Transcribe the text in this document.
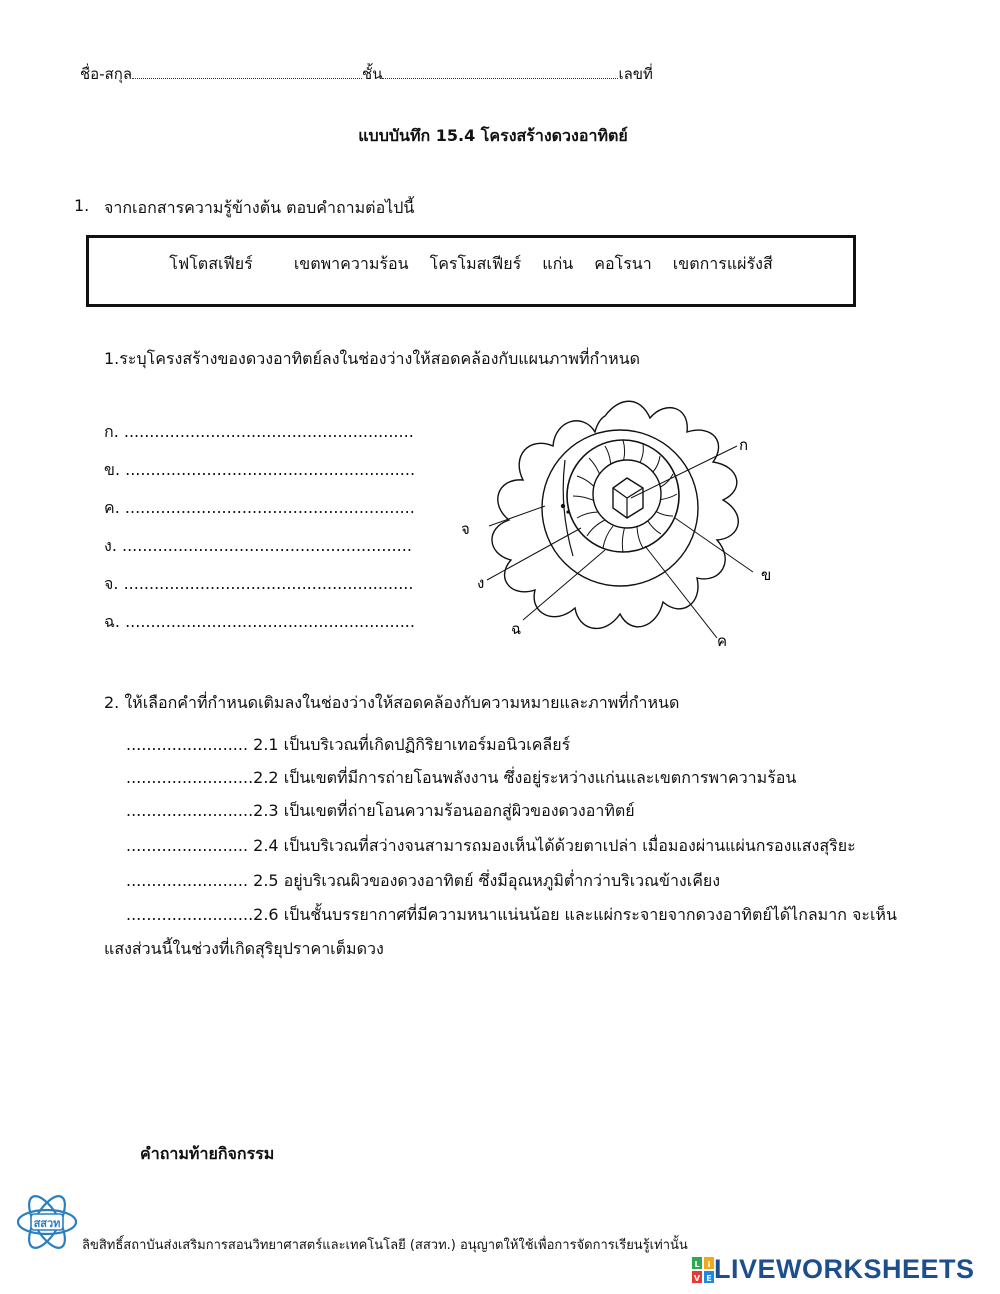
ชื่อ-สกุล	ชั้น	เลขที่
แบบบันทึก 15.4 โครงสร้างดวงอาทิตย์
1. จากเอกสารความรู้ข้างต้น ตอบคำถามต่อไปนี้
โฟโตสเฟียร์	เขตพาความร้อน โครโมสเฟียร์ แก่น คอโรนา เขตการแผ่รังสี
1.ระบุโครงสร้างของดวงอาทิตย์ลงในช่องว่างให้สอดคล้องกับแผนภาพที่กำหนด
ก. .........................................................
ข. .........................................................
ค. .........................................................
ง. .........................................................
จ. .........................................................
ฉ. .........................................................
ก
ข
ค
ง
จ
ฉ
2. ให้เลือกคำที่กำหนดเติมลงในช่องว่างให้สอดคล้องกับความหมายและภาพที่กำหนด
........................ 2.1 เป็นบริเวณที่เกิดปฏิกิริยาเทอร์มอนิวเคลียร์
.........................2.2 เป็นเขตที่มีการถ่ายโอนพลังงาน ซึ่งอยู่ระหว่างแก่นและเขตการพาความร้อน
.........................2.3 เป็นเขตที่ถ่ายโอนความร้อนออกสู่ผิวของดวงอาทิตย์
........................ 2.4 เป็นบริเวณที่สว่างจนสามารถมองเห็นได้ด้วยตาเปล่า เมื่อมองผ่านแผ่นกรองแสงสุริยะ
........................ 2.5 อยู่บริเวณผิวของดวงอาทิตย์ ซึ่งมีอุณหภูมิต่ำกว่าบริเวณข้างเคียง
.........................2.6 เป็นชั้นบรรยากาศที่มีความหนาแน่นน้อย และแผ่กระจายจากดวงอาทิตย์ได้ไกลมาก จะเห็น
แสงส่วนนี้ในช่วงที่เกิดสุริยุปราคาเต็มดวง
คำถามท้ายกิจกรรม
สสวท
ลิขสิทธิ์สถาบันส่งเสริมการสอนวิทยาศาสตร์และเทคโนโลยี (สสวท.) อนุญาตให้ใช้เพื่อการจัดการเรียนรู้เท่านั้น
L I
V E LIVEWORKSHEETS
